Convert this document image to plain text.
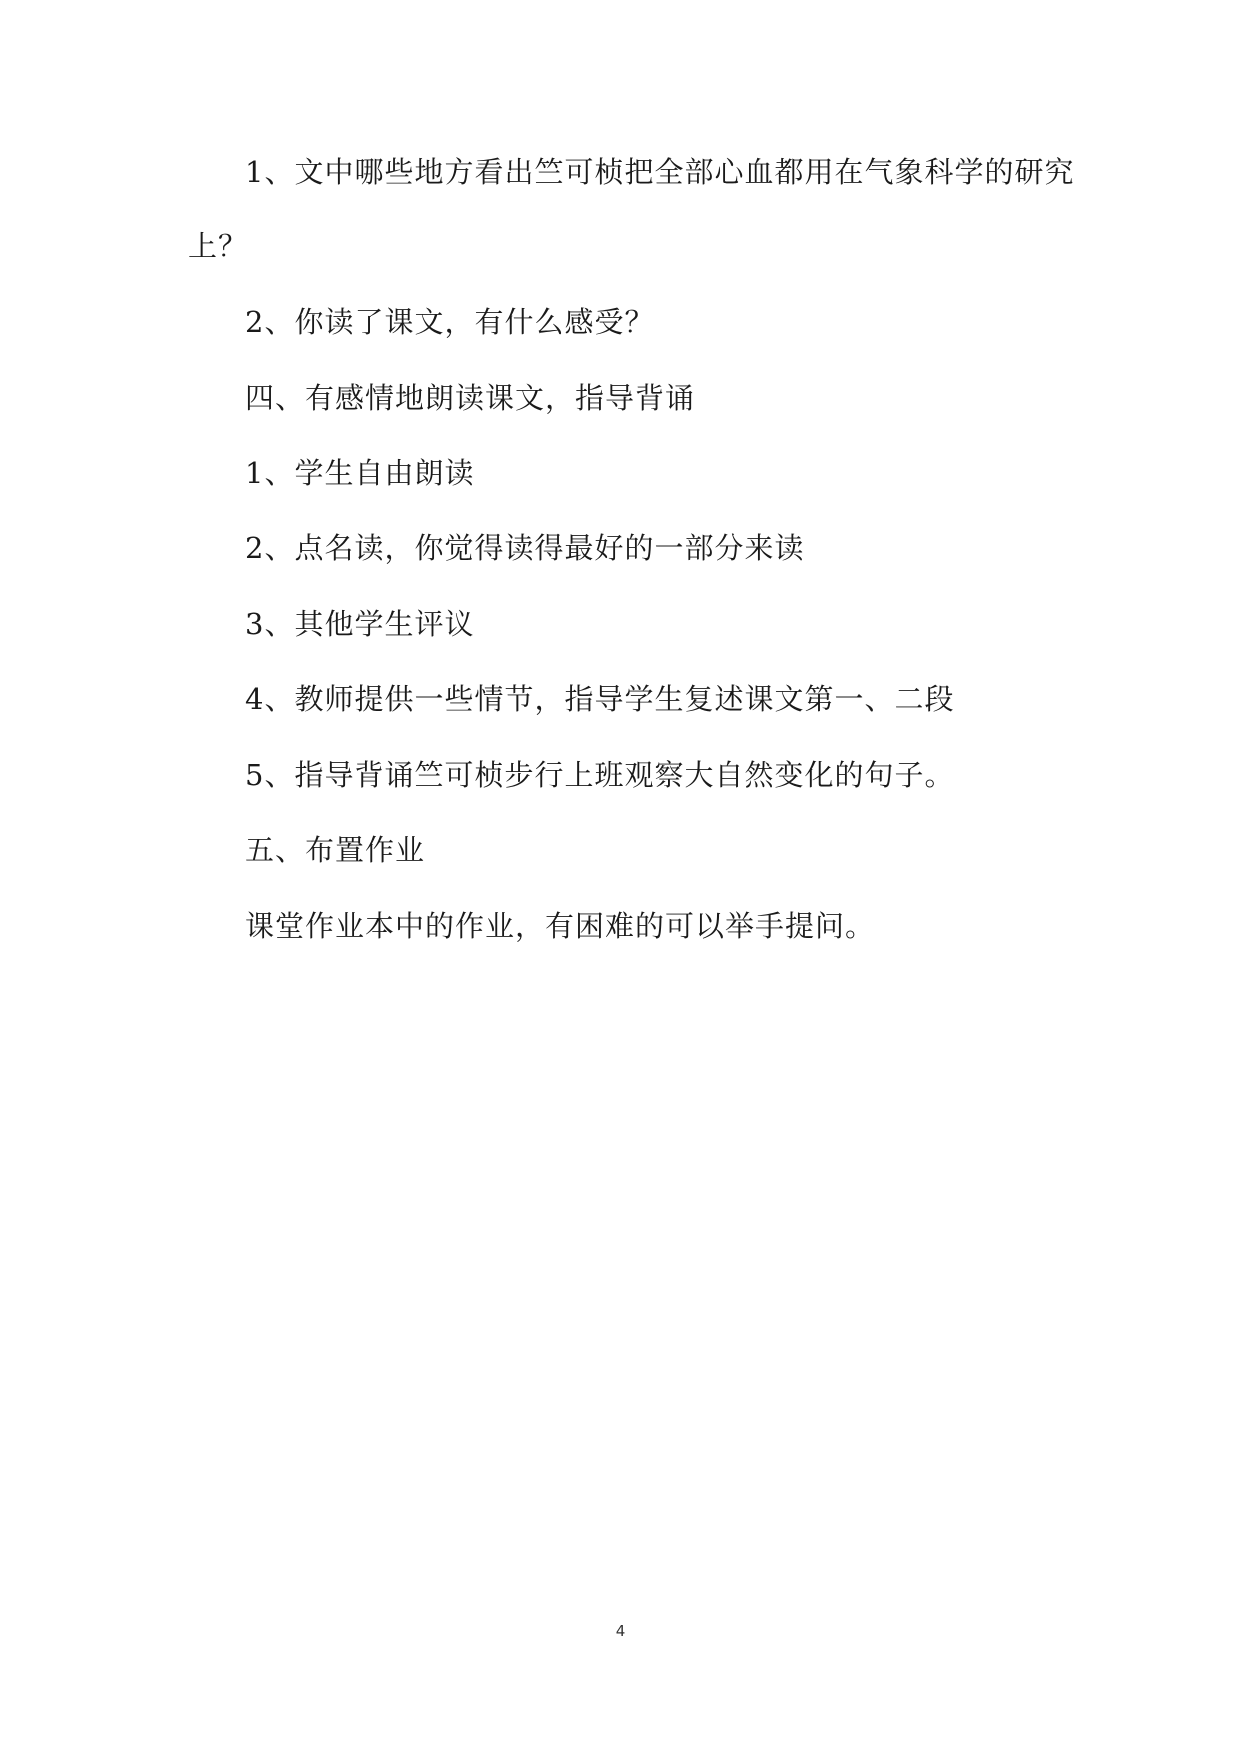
1、文中哪些地方看出竺可桢把全部心血都用在气象科学的研究
上？
2、你读了课文，有什么感受？
四、有感情地朗读课文，指导背诵
1、学生自由朗读
2、点名读，你觉得读得最好的一部分来读
3、其他学生评议
4、教师提供一些情节，指导学生复述课文第一、二段
5、指导背诵竺可桢步行上班观察大自然变化的句子。
五、布置作业
课堂作业本中的作业，有困难的可以举手提问。
4
